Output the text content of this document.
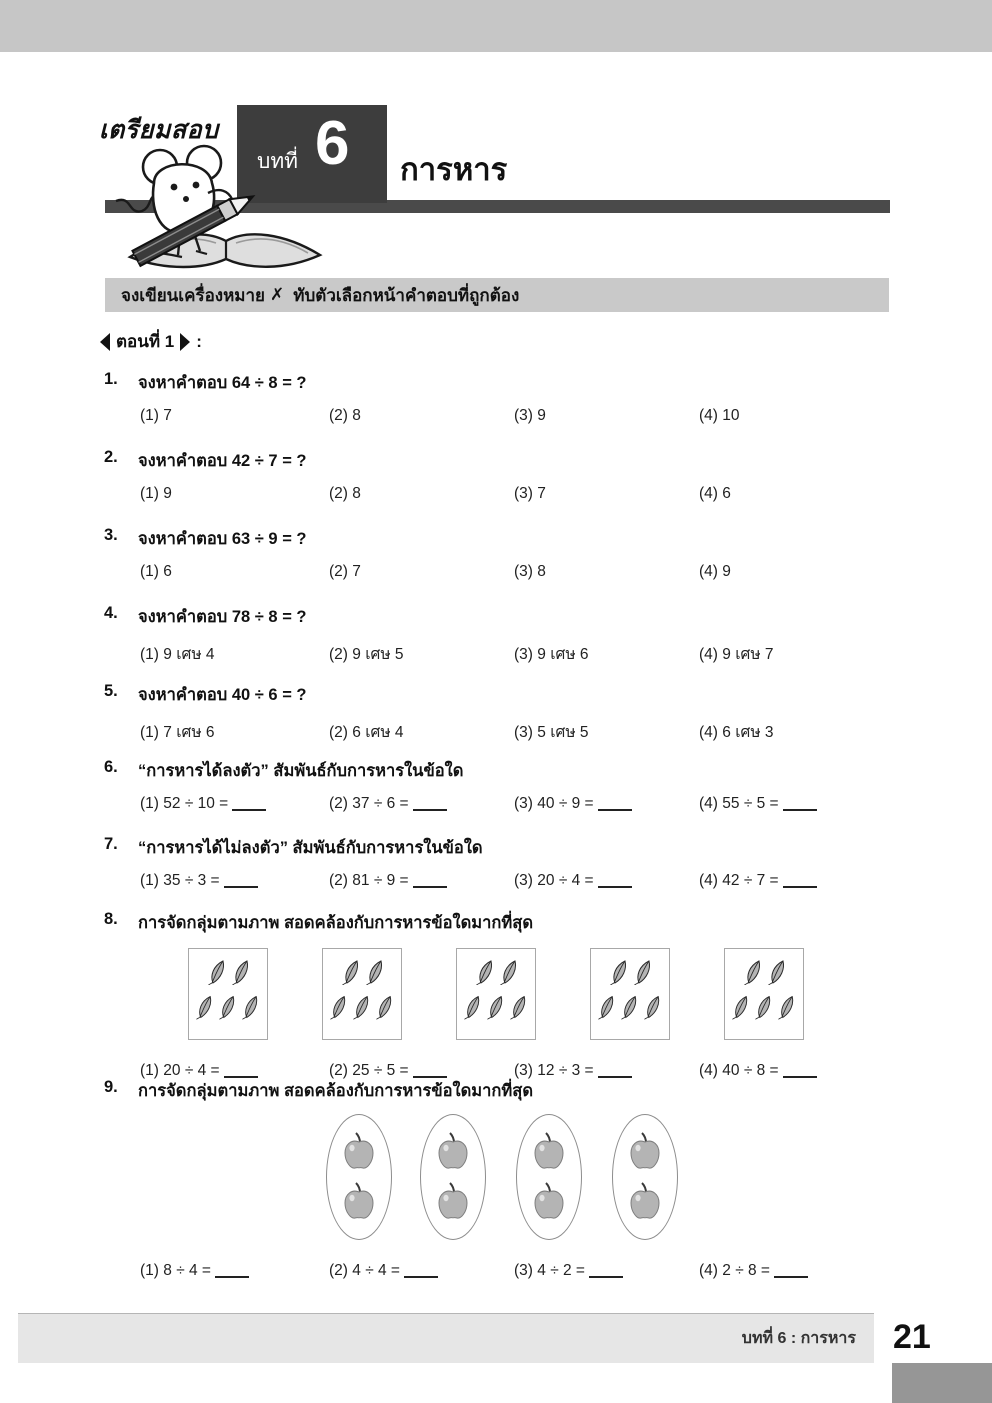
บทที่ 6
เตรียมสอบ
การหาร
จงเขียนเครื่องหมาย ✗ ทับตัวเลือกหน้าคำตอบที่ถูกต้อง
ตอนที่ 1 :
1.	จงหาคำตอบ 64 ÷ 8 = ?
(1) 7	(2) 8	(3) 9	(4) 10
2.	จงหาคำตอบ 42 ÷ 7 = ?
(1) 9	(2) 8	(3) 7	(4) 6
3.	จงหาคำตอบ 63 ÷ 9 = ?
(1) 6	(2) 7	(3) 8	(4) 9
4.	จงหาคำตอบ 78 ÷ 8 = ?
(1) 9 เศษ 4	(2) 9 เศษ 5	(3) 9 เศษ 6	(4) 9 เศษ 7
5.	จงหาคำตอบ 40 ÷ 6 = ?
(1) 7 เศษ 6	(2) 6 เศษ 4	(3) 5 เศษ 5	(4) 6 เศษ 3
6.	“การหารได้ลงตัว” สัมพันธ์กับการหารในข้อใด
(1) 52 ÷ 10 =	(2) 37 ÷ 6 =	(3) 40 ÷ 9 =	(4) 55 ÷ 5 =
7.	“การหารได้ไม่ลงตัว” สัมพันธ์กับการหารในข้อใด
(1) 35 ÷ 3 =	(2) 81 ÷ 9 =	(3) 20 ÷ 4 =	(4) 42 ÷ 7 =
8.	การจัดกลุ่มตามภาพ สอดคล้องกับการหารข้อใดมากที่สุด
(1) 20 ÷ 4 =	(2) 25 ÷ 5 =	(3) 12 ÷ 3 =	(4) 40 ÷ 8 =
9.	การจัดกลุ่มตามภาพ สอดคล้องกับการหารข้อใดมากที่สุด
(1) 8 ÷ 4 =	(2) 4 ÷ 4 =	(3) 4 ÷ 2 =	(4) 2 ÷ 8 =
บทที่ 6 : การหาร	21
